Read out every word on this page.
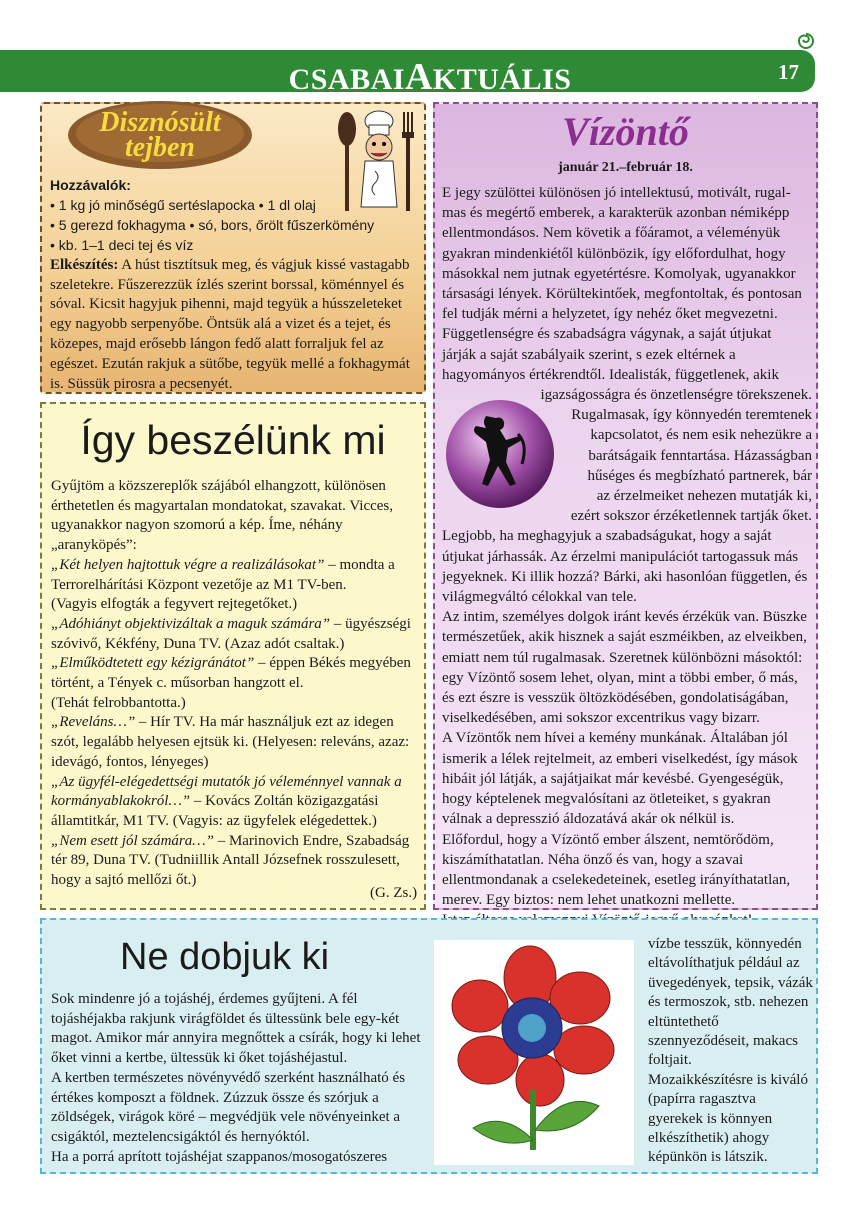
CSABAIAKTUÁLIS	17
Disznósült
tejben
Hozzávalók:
• 1 kg jó minőségű sertéslapocka • 1 dl olaj
• 5 gerezd fokhagyma • só, bors, őrölt fűszerkömény
• kb. 1–1 deci tej és víz
Elkészítés: A húst tisztítsuk meg, és vágjuk kissé vastagabb szeletekre. Fűszerezzük ízlés szerint borssal, köménnyel és sóval. Kicsit hagyjuk pihenni, majd tegyük a hússzeleteket egy nagyobb serpenyőbe. Öntsük alá a vizet és a tejet, és közepes, majd erősebb lángon fedő alatt forraljuk fel az egészet. Ezután rakjuk a sütőbe, tegyük mellé a fokhagymát is. Süssük pirosra a pecsenyét.
Így beszélünk mi
Gyűjtöm a közszereplők szájából elhangzott, különösen érthetetlen és magyartalan mondatokat, szavakat. Vicces, ugyanakkor nagyon szomorú a kép. Íme, néhány „aranyköpés”:
„Két helyen hajtottuk végre a realizálásokat” – mondta a Terrorelhárítási Központ vezetője az M1 TV-ben.
(Vagyis elfogták a fegyvert rejtegetőket.)
„Adóhiányt objektivizáltak a maguk számára” – ügyészségi szóvivő, Kékfény, Duna TV. (Azaz adót csaltak.)
„Elműködtetett egy kézigránátot” – éppen Békés megyében történt, a Tények c. műsorban hangzott el.
(Tehát felrobbantotta.)
„Reveláns…” – Hír TV. Ha már használjuk ezt az idegen szót, legalább helyesen ejtsük ki. (Helyesen: releváns, azaz: idevágó, fontos, lényeges)
„Az ügyfél-elégedettségi mutatók jó véleménnyel vannak a kormányablakokról…” – Kovács Zoltán közigazgatási államtitkár, M1 TV. (Vagyis: az ügyfelek elégedettek.)
„Nem esett jól számára…” – Marinovich Endre, Szabadság tér 89, Duna TV. (Tudniillik Antall Józsefnek rosszulesett, hogy a sajtó mellőzi őt.)
(G. Zs.)
Vízöntő
január 21.–február 18.
E jegy szülöttei különösen jó intellektusú, motivált, rugal-
mas és megértő emberek, a karakterük azonban némiképp
ellentmondásos. Nem követik a főáramot, a véleményük
gyakran mindenkiétől különbözik, így előfordulhat, hogy
másokkal nem jutnak egyetértésre. Komolyak, ugyanakkor
társasági lények. Körültekintőek, megfontoltak, és pontosan
fel tudják mérni a helyzetet, így nehéz őket megvezetni.
Függetlenségre és szabadságra vágynak, a saját útjukat
járják a saját szabályaik szerint, s ezek eltérnek a
hagyományos értékrendtől. Idealisták, függetlenek, akik
igazságosságra és önzetlenségre törekszenek.
Rugalmasak, így könnyedén teremtenek
kapcsolatot, és nem esik nehezükre a
barátságaik fenntartása. Házasságban
hűséges és megbízható partnerek, bár
az érzelmeiket nehezen mutatják ki,
ezért sokszor érzéketlennek tartják őket.
Legjobb, ha meghagyjuk a szabadságukat, hogy a saját útjukat járhassák. Az érzelmi manipulációt tartogassuk más jegyeknek. Ki illik hozzá? Bárki, aki hasonlóan független, és világmegváltó célokkal van tele.
Az intim, személyes dolgok iránt kevés érzékük van. Büszke természetűek, akik hisznek a saját eszméikben, az elveikben, emiatt nem túl rugalmasak. Szeretnek különbözni másoktól: egy Vízöntő sosem lehet, olyan, mint a többi ember, ő más, és ezt észre is vesszük öltözködésében, gondolatiságában, viselkedésében, ami sokszor excentrikus vagy bizarr.
A Vízöntők nem hívei a kemény munkának. Általában jól ismerik a lélek rejtelmeit, az emberi viselkedést, így mások hibáit jól látják, a sajátjaikat már kevésbé. Gyengeségük, hogy képtelenek megvalósítani az ötleteiket, s gyakran válnak a depresszió áldozatává akár ok nélkül is.
Előfordul, hogy a Vízöntő ember álszent, nemtörődöm, kiszámíthatatlan. Néha önző és van, hogy a szavai ellentmondanak a cselekedeteinek, esetleg irányíthatatlan, merev. Egy biztos: nem lehet unatkozni mellette.
Ne dobjuk ki
Sok mindenre jó a tojáshéj, érdemes gyűjteni. A fél tojáshéjakba rakjunk virágföldet és ültessünk bele egy-két magot. Amikor már annyira megnőttek a csírák, hogy ki lehet őket vinni a kertbe, ültessük ki őket tojáshéjastul.
A kertben természetes növényvédő szerként használható és értékes komposzt a földnek. Zúzzuk össze és szórjuk a zöldségek, virágok köré – megvédjük vele növényeinket a csigáktól, meztelencsigáktól és hernyóktól.
Ha a porrá aprított tojáshéjat szappanos/mosogatószeres
vízbe tesszük, könnyedén eltávolíthatjuk például az üvegedények, tepsik, vázák és termoszok, stb. nehezen eltüntethető szennyeződéseit, makacs foltjait.
Mozaikkészítésre is kiváló (papírra ragasztva gyerekek is könnyen elkészíthetik) ahogy képünkön is látszik.
